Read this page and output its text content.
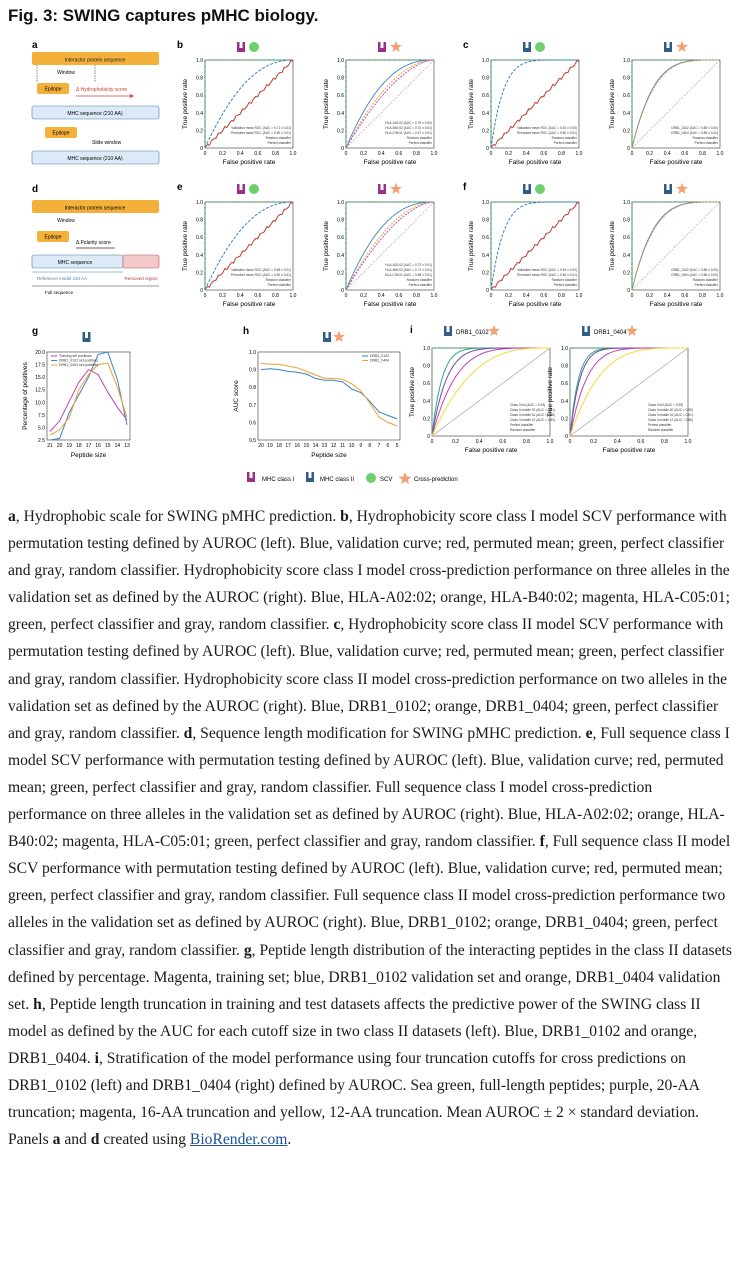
Fig. 3: SWING captures pMHC biology.
a
Interactor protein sequence
Window
Epitope	Δ Hydrophobicity score
MHC sequence (210 AA)
Epitope
Slide window
MHC sequence (210 AA)
d
Interactor protein sequence
Window
Epitope
Δ Polarity score
MHC sequence
Reference model 210 AA	Removed region
Full sequence
b
0
0
0.2
0.2
0.4
0.4
0.6
0.6
0.8
0.8
1.0
1.0
False positive rate
True positive rate	Validation mean ROC (AUC = 0.71 ± 0.01)
Permuted mean ROC (AUC = 0.50 ± 0.01)
Random classifier
Perfect classifier
0
0
0.2
0.2
0.4
0.4
0.6
0.6
0.8
0.8
1.0
1.0
False positive rate
True positive rate	HLA-A02:02 (AUC = 0.78 ± 0.00)
HLA-B40:02 (AUC = 0.70 ± 0.01)
HLA-C05:01 (AUC = 0.67 ± 0.01)
Random classifier
Perfect classifier
c
0
0
0.2
0.2
0.4
0.4
0.6
0.6
0.8
0.8
1.0
1.0
False positive rate
True positive rate	Validation mean ROC (AUC = 0.92 ± 0.00)
Permuted mean ROC (AUC = 0.50 ± 0.01)
Random classifier
Perfect classifier
0
0
0.2
0.2
0.4
0.4
0.6
0.6
0.8
0.8
1.0
1.0
False positive rate
True positive rate	DRB1_0102 (AUC = 0.86 ± 0.00)
DRB1_0404 (AUC = 0.85 ± 0.00)
Random classifier
Perfect classifier
e
0
0
0.2
0.2
0.4
0.4
0.6
0.6
0.8
0.8
1.0
1.0
False positive rate
True positive rate	Validation mean ROC (AUC = 0.68 ± 0.01)
Permuted mean ROC (AUC = 0.50 ± 0.01)
Random classifier
Perfect classifier
0
0
0.2
0.2
0.4
0.4
0.6
0.6
0.8
0.8
1.0
1.0
False positive rate
True positive rate	HLA-A02:02 (AUC = 0.72 ± 0.01)
HLA-B40:02 (AUC = 0.71 ± 0.01)
HLA-C05:01 (AUC = 0.68 ± 0.01)
Random classifier
Perfect classifier
f
0
0
0.2
0.2
0.4
0.4
0.6
0.6
0.8
0.8
1.0
1.0
False positive rate
True positive rate	Validation mean ROC (AUC = 0.93 ± 0.00)
Permuted mean ROC (AUC = 0.50 ± 0.01)
Random classifier
Perfect classifier
0
0
0.2
0.2
0.4
0.4
0.6
0.6
0.8
0.8
1.0
1.0
False positive rate
True positive rate	DRB1_0102 (AUC = 0.86 ± 0.00)
DRB1_0404 (AUC = 0.86 ± 0.00)
Random classifier
Perfect classifier
g
2.5
5.0
7.5
10.0
12.5
15.0
17.5
20.0
21 20 19 18 17 16 15 14 13
Peptide size
Percentage of positives
Training set positives
DRB1_0102 set positives
DRB1_0404 set positives
h
0.5
0.6
0.7
0.8
0.9
1.0
20 19 18 17 16 15 14 13 12 11 10 9 8 7 6 5
Peptide size
AUC score
DRB1_0102
DRB1_0404
i	DRB1_0102
0
0
0.2
0.2
0.4
0.4
0.6
0.6
0.8
0.8
1.0
1.0
False positive rate
True positive rate	Class II full (AUC = 0.93)
Class II middle 20 (AUC = 0.91)
Class II middle 16 (AUC = 0.88)
Class II middle 12 (AUC = 0.83)
Perfect classifier
Random classifier
DRB1_0404
0
0
0.2
0.2
0.4
0.4
0.6
0.6
0.8
0.8
1.0
1.0
False positive rate
True positive rate	Class II full (AUC = 0.95)
Class II middle 20 (AUC = 0.95)
Class II middle 16 (AUC = 0.91)
Class II middle 12 (AUC = 0.86)
Perfect classifier
Random classifier
MHC class I	MHC class II	SCV	Cross-prediction
a, Hydrophobic scale for SWING pMHC prediction. b, Hydrophobicity score class I model SCV performance with permutation testing defined by AUROC (left). Blue, validation curve; red, permuted mean; green, perfect classifier and gray, random classifier. Hydrophobicity score class I model cross-prediction performance on three alleles in the validation set as defined by the AUROC (right). Blue, HLA-A02:02; orange, HLA-B40:02; magenta, HLA-C05:01; green, perfect classifier and gray, random classifier. c, Hydrophobicity score class II model SCV performance with permutation testing defined by AUROC (left). Blue, validation curve; red, permuted mean; green, perfect classifier and gray, random classifier. Hydrophobicity score class II model cross-prediction performance on two alleles in the validation set as defined by the AUROC (right). Blue, DRB1_0102; orange, DRB1_0404; green, perfect classifier and gray, random classifier. d, Sequence length modification for SWING pMHC prediction. e, Full sequence class I model SCV performance with permutation testing defined by AUROC (left). Blue, validation curve; red, permuted mean; green, perfect classifier and gray, random classifier. Full sequence class I model cross-prediction performance on three alleles in the validation set as defined by AUROC (right). Blue, HLA-A02:02; orange, HLA-B40:02; magenta, HLA-C05:01; green, perfect classifier and gray, random classifier. f, Full sequence class II model SCV performance with permutation testing defined by AUROC (left). Blue, validation curve; red, permuted mean; green, perfect classifier and gray, random classifier. Full sequence class II model cross-prediction performance two alleles in the validation set as defined by AUROC (right). Blue, DRB1_0102; orange, DRB1_0404; green, perfect classifier and gray, random classifier. g, Peptide length distribution of the interacting peptides in the class II datasets defined by percentage. Magenta, training set; blue, DRB1_0102 validation set and orange, DRB1_0404 validation set. h, Peptide length truncation in training and test datasets affects the predictive power of the SWING class II model as defined by the AUC for each cutoff size in two class II datasets (left). Blue, DRB1_0102 and orange, DRB1_0404. i, Stratification of the model performance using four truncation cutoffs for cross predictions on DRB1_0102 (left) and DRB1_0404 (right) defined by AUROC. Sea green, full-length peptides; purple, 20-AA truncation; magenta, 16-AA truncation and yellow, 12-AA truncation. Mean AUROC ± 2 × standard deviation. Panels a and d created using BioRender.com.
